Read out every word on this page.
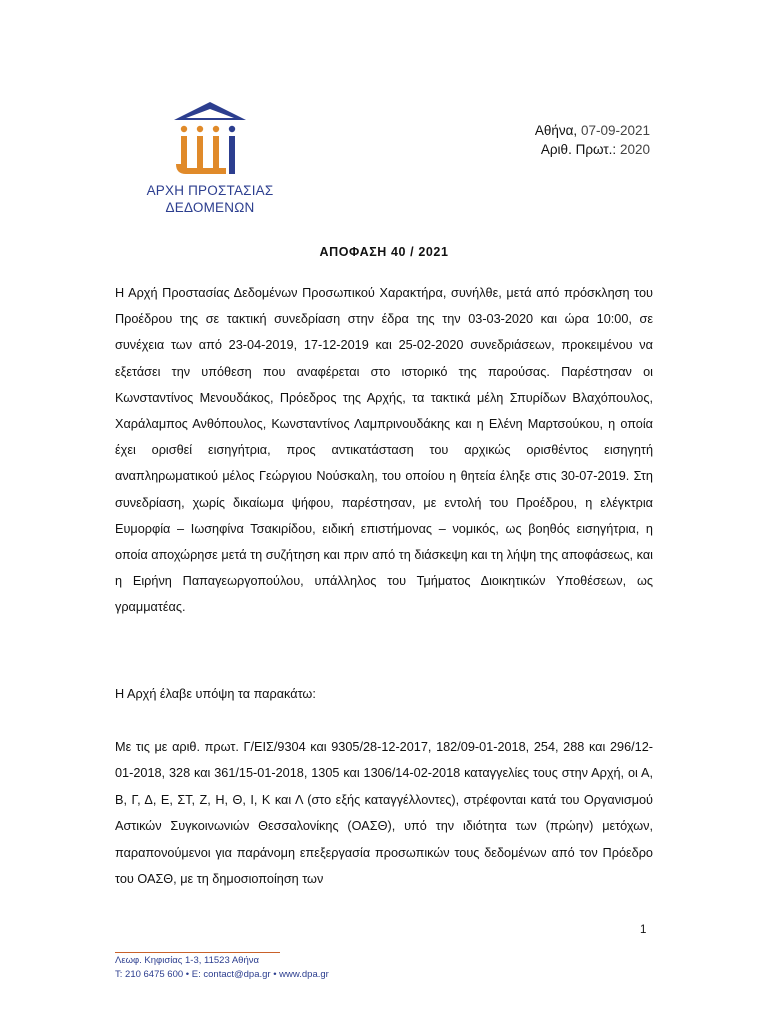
ΑΡΧΗ ΠΡΟΣΤΑΣΙΑΣ
ΔΕΔΟΜΕΝΩΝ
Αθήνα, 07-09-2021
Αριθ. Πρωτ.: 2020
ΑΠΟΦΑΣΗ 40 / 2021

Η Αρχή Προστασίας Δεδομένων Προσωπικού Χαρακτήρα, συνήλθε, μετά από πρόσκληση του Προέδρου της σε τακτική συνεδρίαση στην έδρα της την 03-03-2020 και ώρα 10:00, σε συνέχεια των από 23-04-2019, 17-12-2019 και 25-02-2020 συνεδριάσεων, προκειμένου να εξετάσει την υπόθεση που αναφέρεται στο ιστορικό της παρούσας. Παρέστησαν οι Κωνσταντίνος Μενουδάκος, Πρόεδρος της Αρχής, τα τακτικά μέλη Σπυρίδων Βλαχόπουλος, Χαράλαμπος Ανθόπουλος, Κωνσταντίνος Λαμπρινουδάκης και η Ελένη Μαρτσούκου, η οποία έχει ορισθεί εισηγήτρια, προς αντικατάσταση του αρχικώς ορισθέντος εισηγητή αναπληρωματικού μέλος Γεώργιου Νούσκαλη, του οποίου η θητεία έληξε στις 30-07-2019. Στη συνεδρίαση, χωρίς δικαίωμα ψήφου, παρέστησαν, με εντολή του Προέδρου, η ελέγκτρια Ευμορφία – Ιωσηφίνα Τσακιρίδου, ειδική επιστήμονας – νομικός, ως βοηθός εισηγήτρια, η οποία αποχώρησε μετά τη συζήτηση και πριν από τη διάσκεψη και τη λήψη της αποφάσεως, και η Ειρήνη Παπαγεωργοπούλου, υπάλληλος του Τμήματος Διοικητικών Υποθέσεων, ως γραμματέας.

Η Αρχή έλαβε υπόψη τα παρακάτω:

Με τις με αριθ. πρωτ. Γ/ΕΙΣ/9304 και 9305/28-12-2017, 182/09-01-2018, 254, 288 και 296/12-01-2018, 328 και 361/15-01-2018, 1305 και 1306/14-02-2018 καταγγελίες τους στην Αρχή, οι Α, Β, Γ, Δ, Ε, ΣΤ, Ζ, Η, Θ, Ι, Κ και Λ (στο εξής καταγγέλλοντες), στρέφονται κατά του Οργανισμού Αστικών Συγκοινωνιών Θεσσαλονίκης (ΟΑΣΘ), υπό την ιδιότητα των (πρώην) μετόχων, παραπονούμενοι για παράνομη επεξεργασία προσωπικών τους δεδομένων από τον Πρόεδρο του ΟΑΣΘ, με τη δημοσιοποίηση των

1
Λεωφ. Κηφισίας 1-3, 11523 Αθήνα
Τ: 210 6475 600 • E: contact@dpa.gr • www.dpa.gr
